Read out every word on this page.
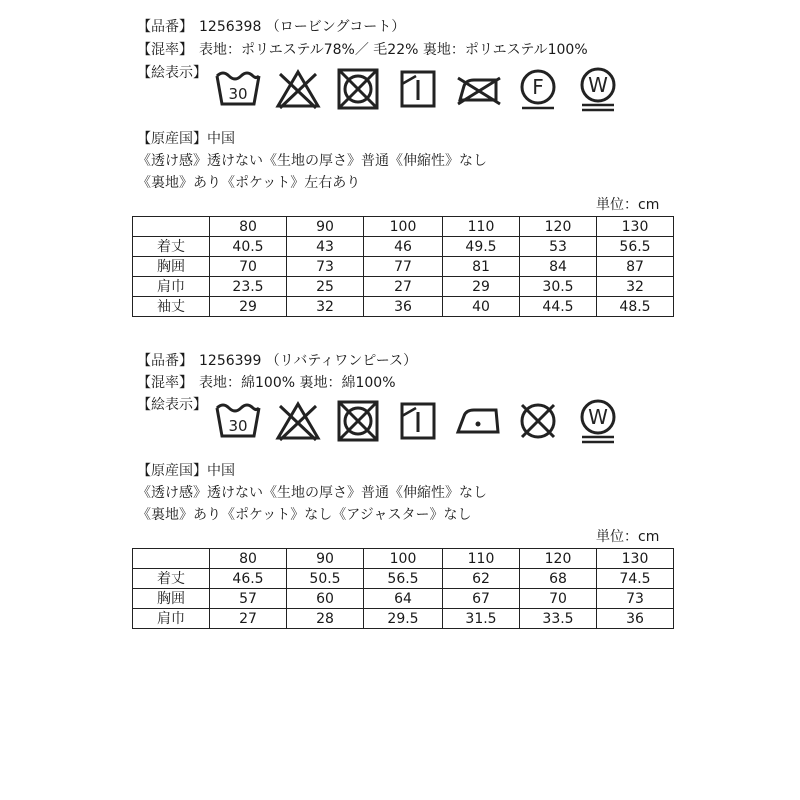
【品番】 1256398 （ロービングコート）
【混率】 表地：ポリエステル78%／ 毛22% 裏地：ポリエステル100%
【絵表示】
30	F W
【原産国】中国
《透け感》透けない《生地の厚さ》普通《伸縮性》なし
《裏地》あり《ポケット》左右あり
単位：cm
	80	90	100	110	120	130
着丈	40.5	43	46	49.5	53	56.5
胸囲	70	73	77	81	84	87
肩巾	23.5	25	27	29	30.5	32
袖丈	29	32	36	40	44.5	48.5
【品番】 1256399 （リバティワンピース）
【混率】 表地：綿100% 裏地：綿100%
【絵表示】
30	W
【原産国】中国
《透け感》透けない《生地の厚さ》普通《伸縮性》なし
《裏地》あり《ポケット》なし《アジャスター》なし
単位：cm
	80	90	100	110	120	130
着丈	46.5	50.5	56.5	62	68	74.5
胸囲	57	60	64	67	70	73
肩巾	27	28	29.5	31.5	33.5	36
